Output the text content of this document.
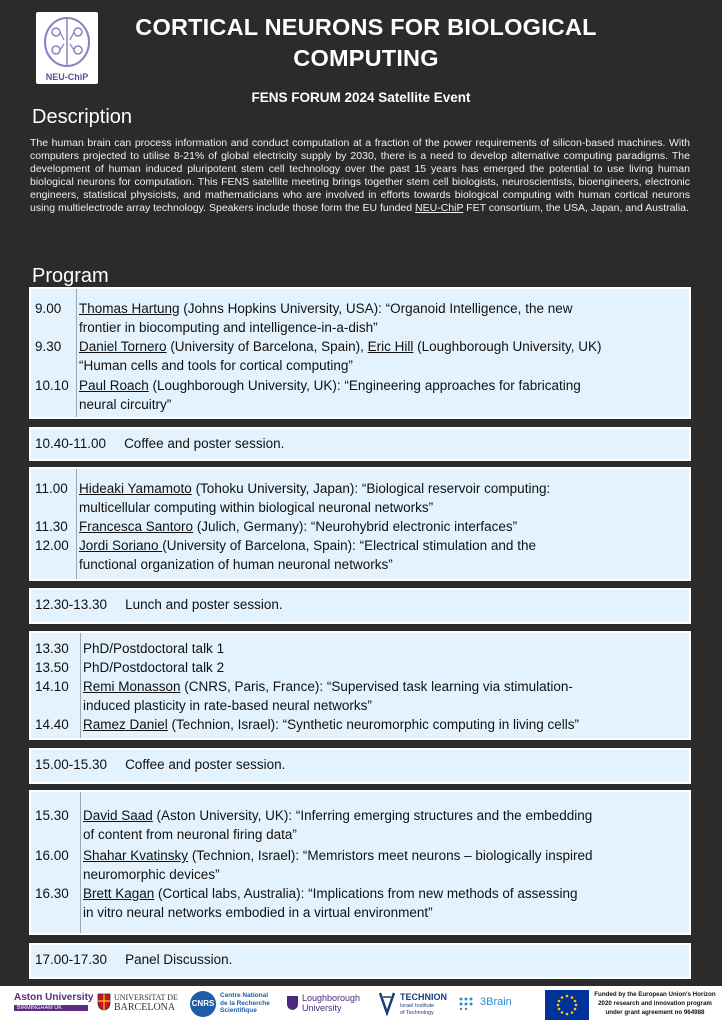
NEU-ChiP
CORTICAL NEURONS FOR BIOLOGICAL COMPUTING
FENS FORUM 2024 Satellite Event
Description
The human brain can process information and conduct computation at a fraction of the power requirements of silicon-based machines. With computers projected to utilise 8-21% of global electricity supply by 2030, there is a need to develop alternative computing paradigms. The development of human induced pluripotent stem cell technology over the past 15 years has emerged the potential to use living human biological neurons for computation. This FENS satellite meeting brings together stem cell biologists, neuroscientists, bioengineers, electronic engineers, statistical physicists, and mathematicians who are involved in efforts towards biological computing with human cortical neurons using multielectrode array technology. Speakers include those form the EU funded NEU-ChiP FET consortium, the USA, Japan, and Australia.
Program
9.00 Thomas Hartung (Johns Hopkins University, USA): “Organoid Intelligence, the new
frontier in biocomputing and intelligence-in-a-dish”
9.30 Daniel Tornero (University of Barcelona, Spain), Eric Hill (Loughborough University, UK)
“Human cells and tools for cortical computing”
10.10 Paul Roach (Loughborough University, UK): “Engineering approaches for fabricating
neural circuitry”
10.40-11.00 Coffee and poster session.
11.00 Hideaki Yamamoto (Tohoku University, Japan): “Biological reservoir computing:
multicellular computing within biological neuronal networks”
11.30 Francesca Santoro (Julich, Germany): “Neurohybrid electronic interfaces”
12.00 Jordi Soriano (University of Barcelona, Spain): “Electrical stimulation and the
functional organization of human neuronal networks”
12.30-13.30 Lunch and poster session.
13.30 PhD/Postdoctoral talk 1
13.50 PhD/Postdoctoral talk 2
14.10 Remi Monasson (CNRS, Paris, France): “Supervised task learning via stimulation-
induced plasticity in rate-based neural networks”
14.40 Ramez Daniel (Technion, Israel): “Synthetic neuromorphic computing in living cells”
15.00-15.30 Coffee and poster session.
15.30 David Saad (Aston University, UK): “Inferring emerging structures and the embedding
of content from neuronal firing data”
16.00 Shahar Kvatinsky (Technion, Israel): “Memristors meet neurons – biologically inspired
neuromorphic devices”
16.30 Brett Kagan (Cortical labs, Australia): “Implications from new methods of assessing
in vitro neural networks embodied in a virtual environment”
17.00-17.30 Panel Discussion.
Aston University
BIRMINGHAM UK
UNIVERSITAT DE
BARCELONA CNRS
Centre National
de la Recherche
Scientifique
Loughborough
University
TECHNION
Israel Institute
of Technology
3Brain
Funded by the European Union's Horizon
2020 research and innovation program
under grant agreement no 964988
